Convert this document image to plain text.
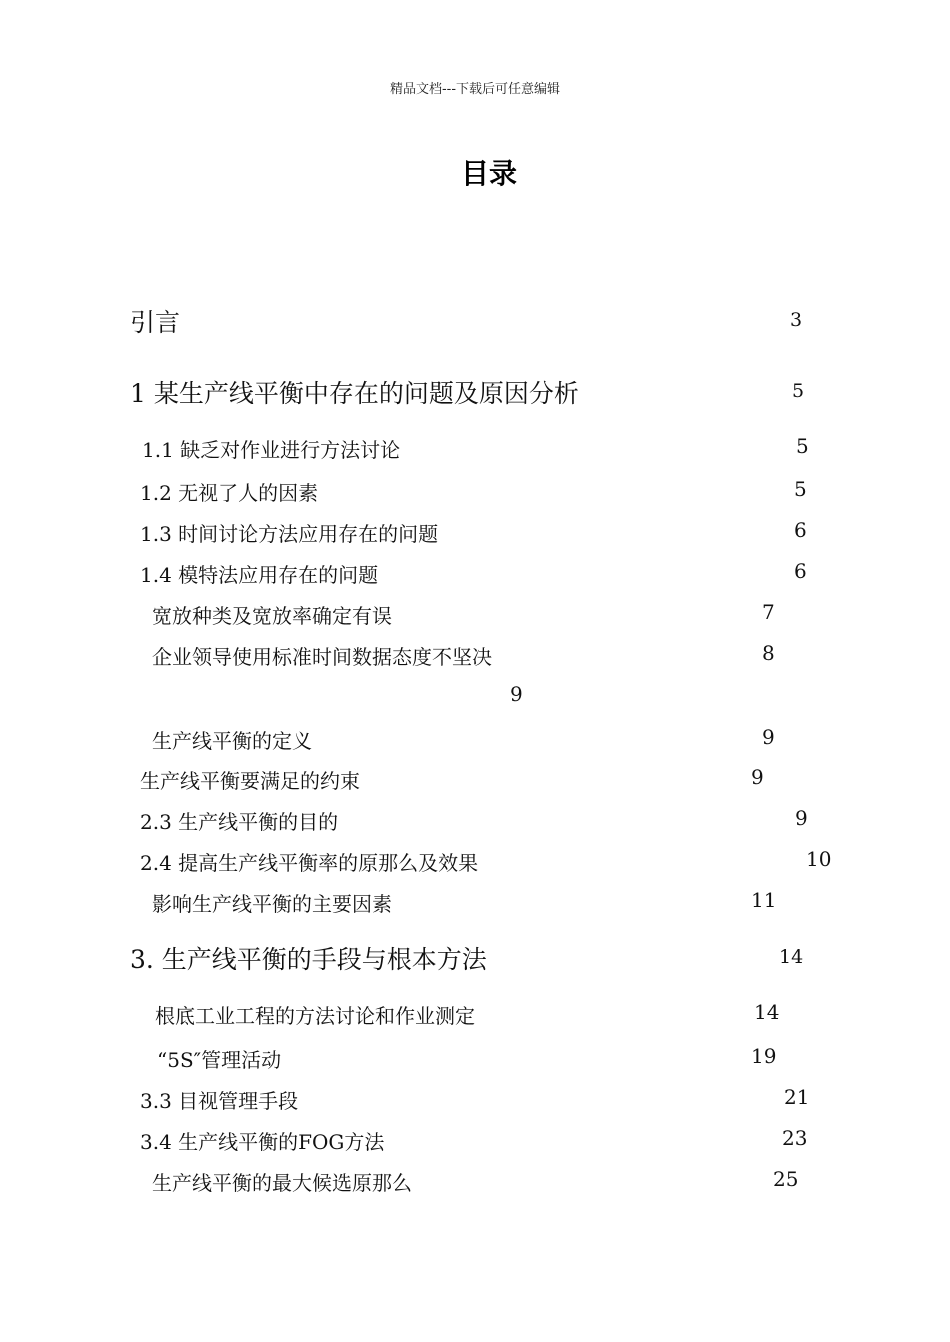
精品文档---下载后可任意编辑
目录
引言	3
1 某生产线平衡中存在的问题及原因分析	5
1.1 缺乏对作业进行方法讨论	5
1.2 无视了人的因素	5
1.3 时间讨论方法应用存在的问题	6
1.4 模特法应用存在的问题	6
宽放种类及宽放率确定有误	7
企业领导使用标准时间数据态度不坚决	8
9
生产线平衡的定义	9
生产线平衡要满足的约束	9
2.3 生产线平衡的目的	9
2.4 提高生产线平衡率的原那么及效果	10
影响生产线平衡的主要因素	11
3. 生产线平衡的手段与根本方法	14
根底工业工程的方法讨论和作业测定	14
“5S″管理活动	19
3.3 目视管理手段	21
3.4 生产线平衡的FOG方法	23
生产线平衡的最大候选原那么	25
